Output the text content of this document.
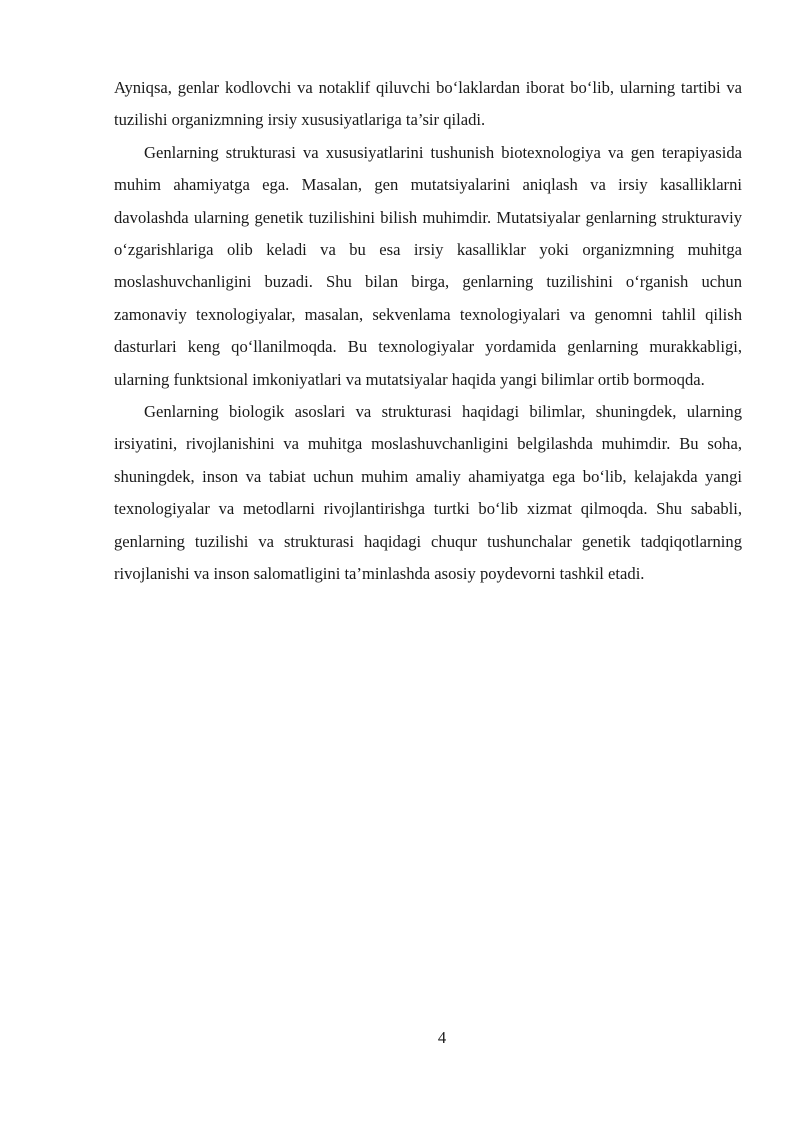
Ayniqsa, genlar kodlovchi va notaklif qiluvchi bo‘laklardan iborat bo‘lib, ularning tartibi va tuzilishi organizmning irsiy xususiyatlariga ta’sir qiladi.

Genlarning strukturasi va xususiyatlarini tushunish biotexnologiya va gen terapiyasida muhim ahamiyatga ega. Masalan, gen mutatsiyalarini aniqlash va irsiy kasalliklarni davolashda ularning genetik tuzilishini bilish muhimdir. Mutatsiyalar genlarning strukturaviy o‘zgarishlariga olib keladi va bu esa irsiy kasalliklar yoki organizmning muhitga moslashuvchanligini buzadi. Shu bilan birga, genlarning tuzilishini o‘rganish uchun zamonaviy texnologiyalar, masalan, sekvenlama texnologiyalari va genomni tahlil qilish dasturlari keng qo‘llanilmoqda. Bu texnologiyalar yordamida genlarning murakkabligi, ularning funktsional imkoniyatlari va mutatsiyalar haqida yangi bilimlar ortib bormoqda.

Genlarning biologik asoslari va strukturasi haqidagi bilimlar, shuningdek, ularning irsiyatini, rivojlanishini va muhitga moslashuvchanligini belgilashda muhimdir. Bu soha, shuningdek, inson va tabiat uchun muhim amaliy ahamiyatga ega bo‘lib, kelajakda yangi texnologiyalar va metodlarni rivojlantirishga turtki bo‘lib xizmat qilmoqda. Shu sababli, genlarning tuzilishi va strukturasi haqidagi chuqur tushunchalar genetik tadqiqotlarning rivojlanishi va inson salomatligini ta’minlashda asosiy poydevorni tashkil etadi.

4
